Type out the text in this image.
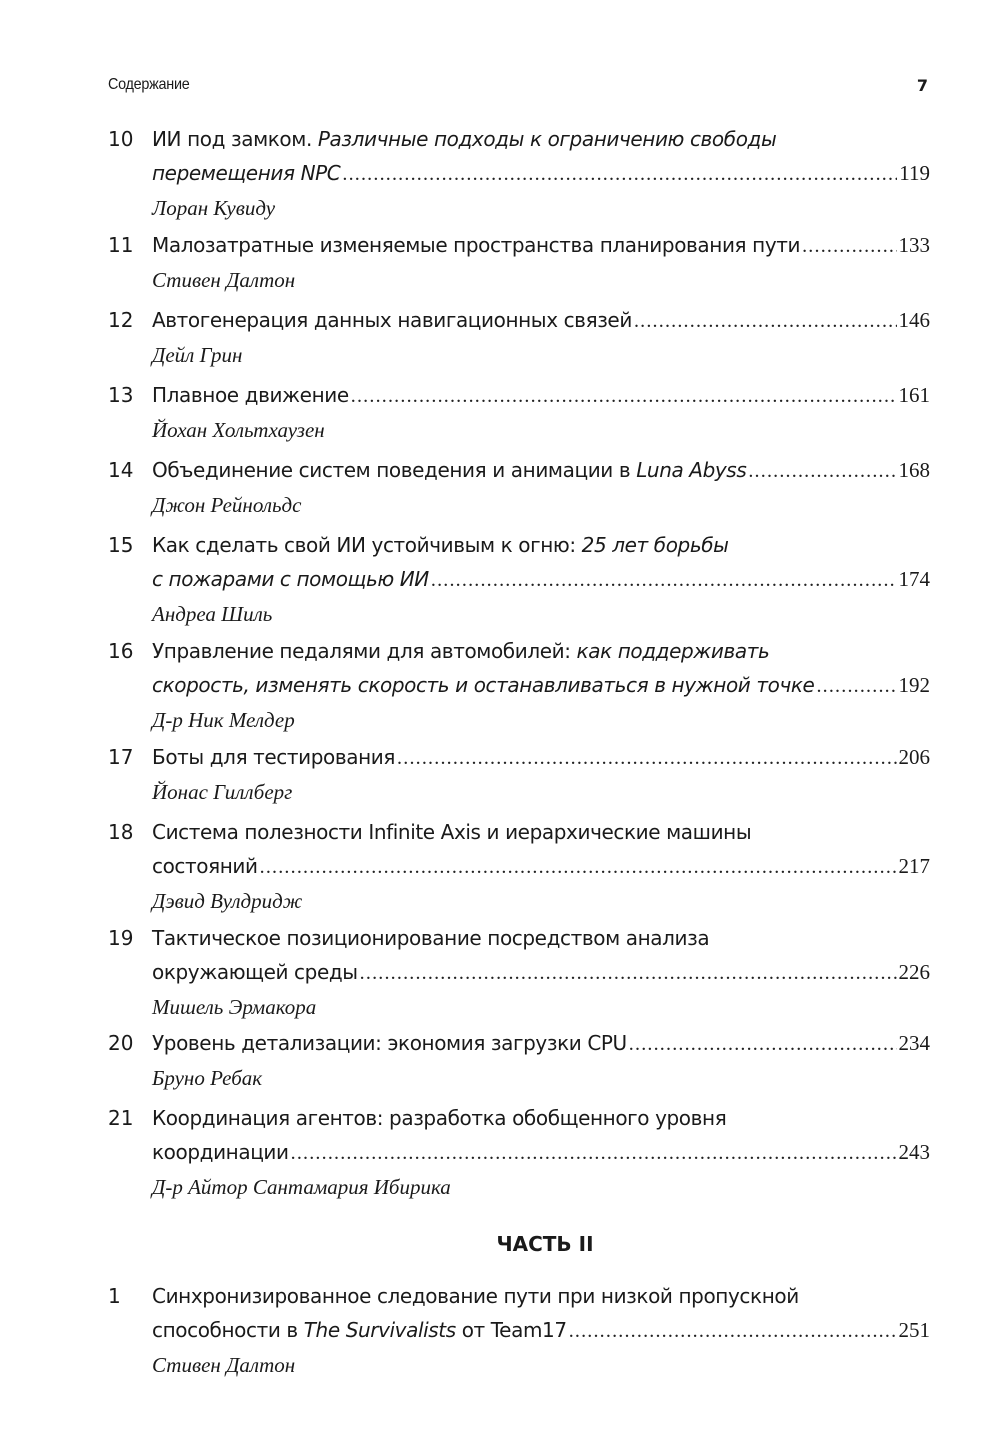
Содержание	7
10 ИИ под замком. Различные подходы к ограничению свободы
перемещения NPC .....	119
Лоран Кувиду
11 Малозатратные изменяемые пространства планирования пути .....	133
Стивен Далтон
12 Автогенерация данных навигационных связей .....	146
Дейл Грин
13 Плавное движение .....	161
Йохан Хольтхаузен
14 Объединение систем поведения и анимации в Luna Abyss .....	168
Джон Рейнольдс
15 Как сделать свой ИИ устойчивым к огню: 25 лет борьбы
с пожарами с помощью ИИ .....	174
Андреа Шиль
16 Управление педалями для автомобилей: как поддерживать
скорость, изменять скорость и останавливаться в нужной точке .....	192
Д-р Ник Мелдер
17 Боты для тестирования .....	206
Йонас Гиллберг
18 Система полезности Infinite Axis и иерархические машины
состояний .....	217
Дэвид Вулдридж
19 Тактическое позиционирование посредством анализа
окружающей среды .....	226
Мишель Эрмакора
20 Уровень детализации: экономия загрузки CPU .....	234
Бруно Ребак
21 Координация агентов: разработка обобщенного уровня
координации .....	243
Д-р Айтор Сантамария Ибирика
ЧАСТЬ II
1	Синхронизированное следование пути при низкой пропускной
способности в The Survivalists от Team17 .....	251
Стивен Далтон
